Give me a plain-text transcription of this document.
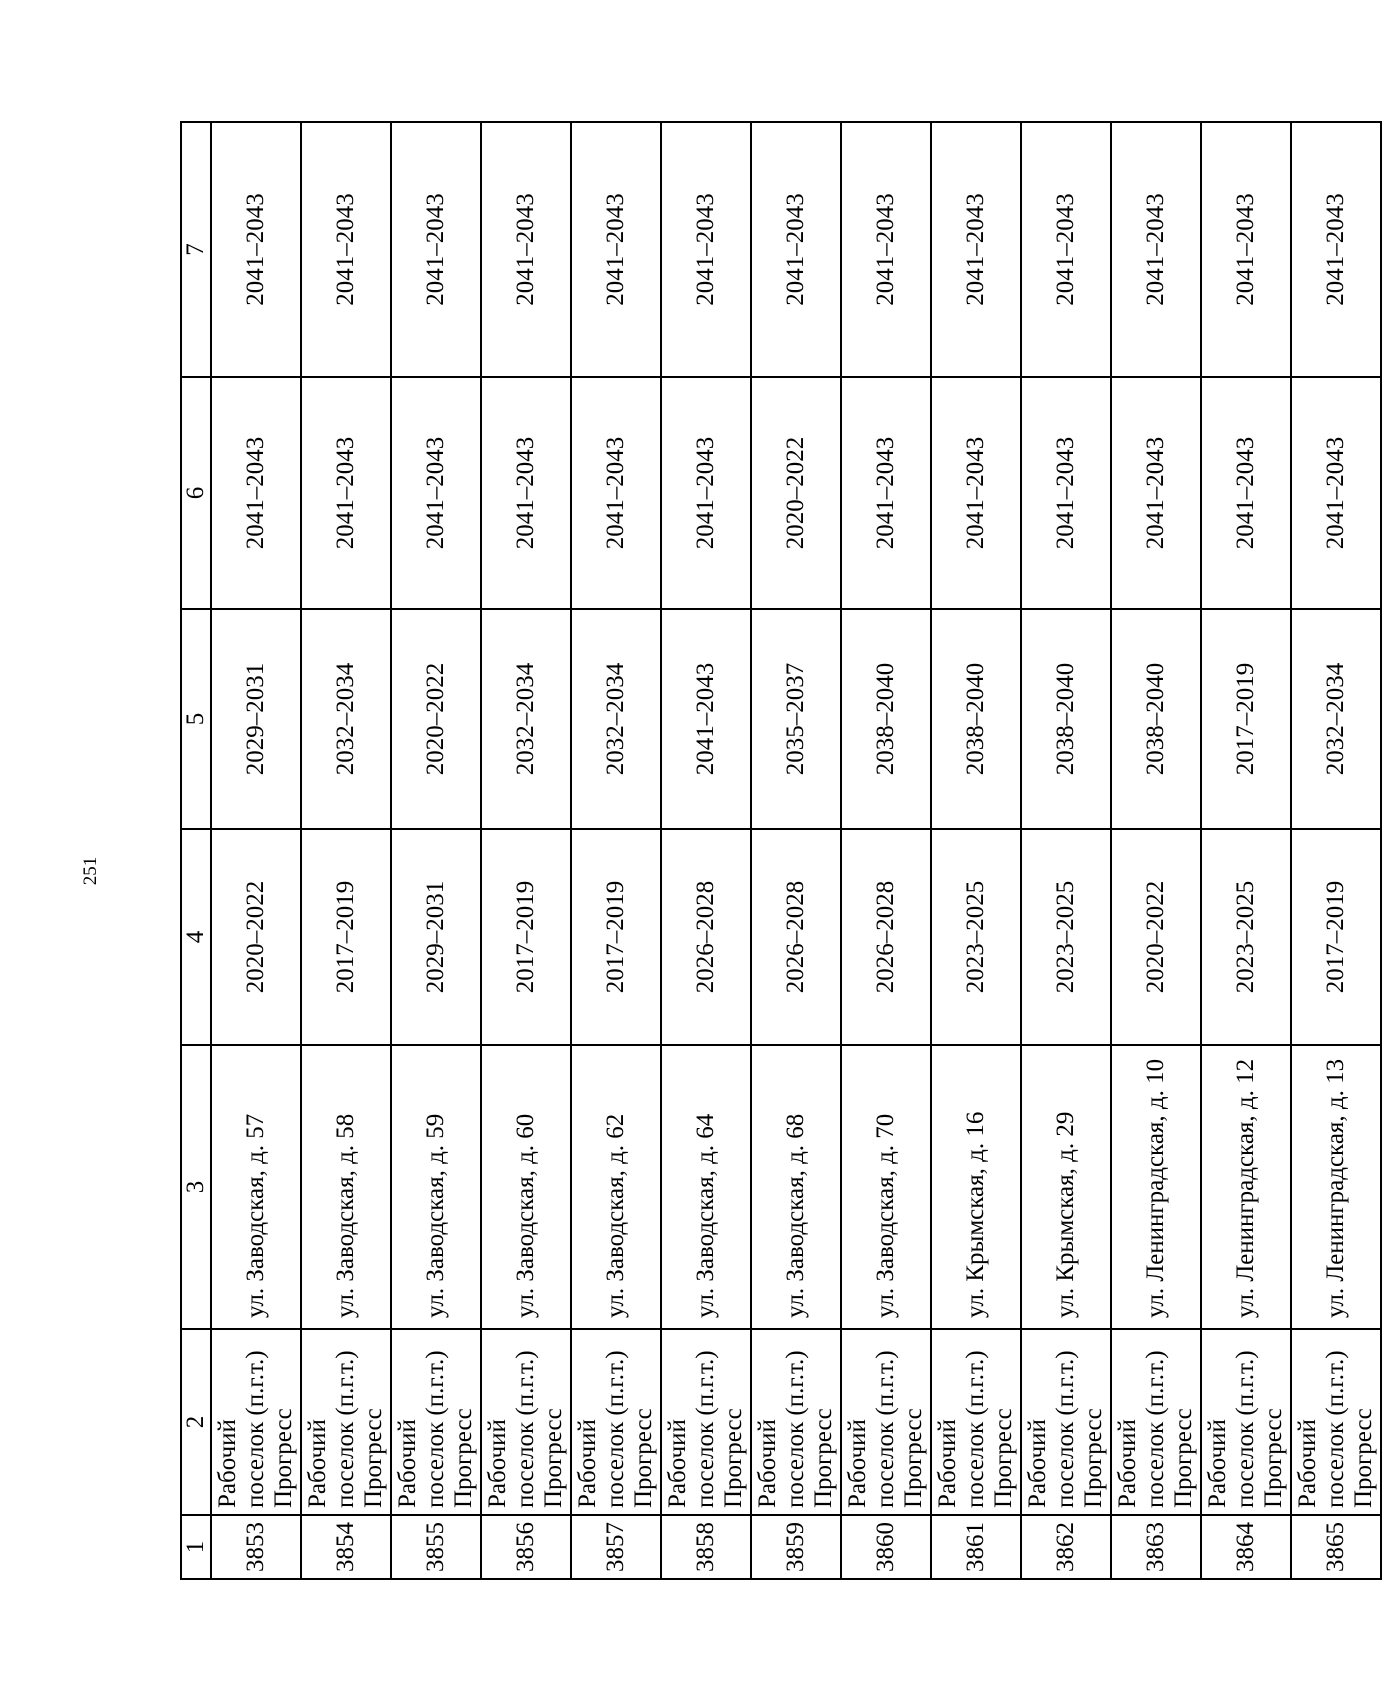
251
1	2	3	4	5	6	7
3853	Рабочий поселок (п.г.т.) Прогресс	ул. Заводская, д. 57	2020–2022	2029–2031	2041–2043	2041–2043
3854	Рабочий поселок (п.г.т.) Прогресс	ул. Заводская, д. 58	2017–2019	2032–2034	2041–2043	2041–2043
3855	Рабочий поселок (п.г.т.) Прогресс	ул. Заводская, д. 59	2029–2031	2020–2022	2041–2043	2041–2043
3856	Рабочий поселок (п.г.т.) Прогресс	ул. Заводская, д. 60	2017–2019	2032–2034	2041–2043	2041–2043
3857	Рабочий поселок (п.г.т.) Прогресс	ул. Заводская, д. 62	2017–2019	2032–2034	2041–2043	2041–2043
3858	Рабочий поселок (п.г.т.) Прогресс	ул. Заводская, д. 64	2026–2028	2041–2043	2041–2043	2041–2043
3859	Рабочий поселок (п.г.т.) Прогресс	ул. Заводская, д. 68	2026–2028	2035–2037	2020–2022	2041–2043
3860	Рабочий поселок (п.г.т.) Прогресс	ул. Заводская, д. 70	2026–2028	2038–2040	2041–2043	2041–2043
3861	Рабочий поселок (п.г.т.) Прогресс	ул. Крымская, д. 16	2023–2025	2038–2040	2041–2043	2041–2043
3862	Рабочий поселок (п.г.т.) Прогресс	ул. Крымская, д. 29	2023–2025	2038–2040	2041–2043	2041–2043
3863	Рабочий поселок (п.г.т.) Прогресс	ул. Ленинградская, д. 10	2020–2022	2038–2040	2041–2043	2041–2043
3864	Рабочий поселок (п.г.т.) Прогресс	ул. Ленинградская, д. 12	2023–2025	2017–2019	2041–2043	2041–2043
3865	Рабочий поселок (п.г.т.) Прогресс	ул. Ленинградская, д. 13	2017–2019	2032–2034	2041–2043	2041–2043
